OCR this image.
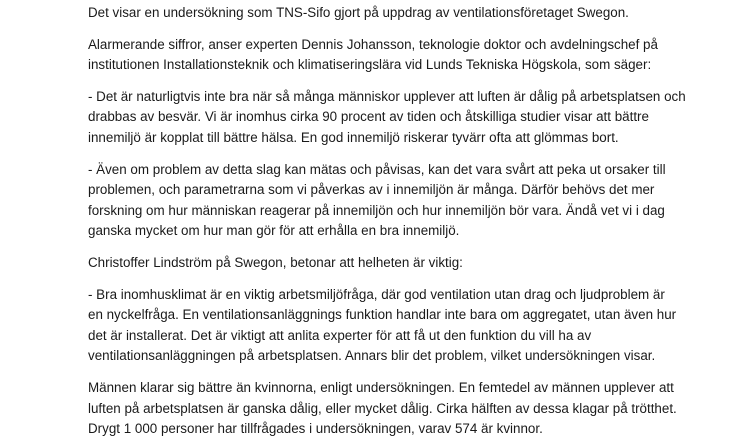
Det visar en undersökning som TNS-Sifo gjort på uppdrag av ventilationsföretaget Swegon.

Alarmerande siffror, anser experten Dennis Johansson, teknologie doktor och avdelningschef på
institutionen Installationsteknik och klimatiseringslära vid Lunds Tekniska Högskola, som säger:

- Det är naturligtvis inte bra när så många människor upplever att luften är dålig på arbetsplatsen och
drabbas av besvär. Vi är inomhus cirka 90 procent av tiden och åtskilliga studier visar att bättre
innemiljö är kopplat till bättre hälsa. En god innemiljö riskerar tyvärr ofta att glömmas bort.

- Även om problem av detta slag kan mätas och påvisas, kan det vara svårt att peka ut orsaker till
problemen, och parametrarna som vi påverkas av i innemiljön är många. Därför behövs det mer
forskning om hur människan reagerar på innemiljön och hur innemiljön bör vara. Ändå vet vi i dag
ganska mycket om hur man gör för att erhålla en bra innemiljö.

Christoffer Lindström på Swegon, betonar att helheten är viktig:

- Bra inomhusklimat är en viktig arbetsmiljöfråga, där god ventilation utan drag och ljudproblem är
en nyckelfråga. En ventilationsanläggnings funktion handlar inte bara om aggregatet, utan även hur
det är installerat. Det är viktigt att anlita experter för att få ut den funktion du vill ha av
ventilationsanläggningen på arbetsplatsen. Annars blir det problem, vilket undersökningen visar.

Männen klarar sig bättre än kvinnorna, enligt undersökningen. En femtedel av männen upplever att
luften på arbetsplatsen är ganska dålig, eller mycket dålig. Cirka hälften av dessa klagar på trötthet.
Drygt 1 000 personer har tillfrågades i undersökningen, varav 574 är kvinnor.
